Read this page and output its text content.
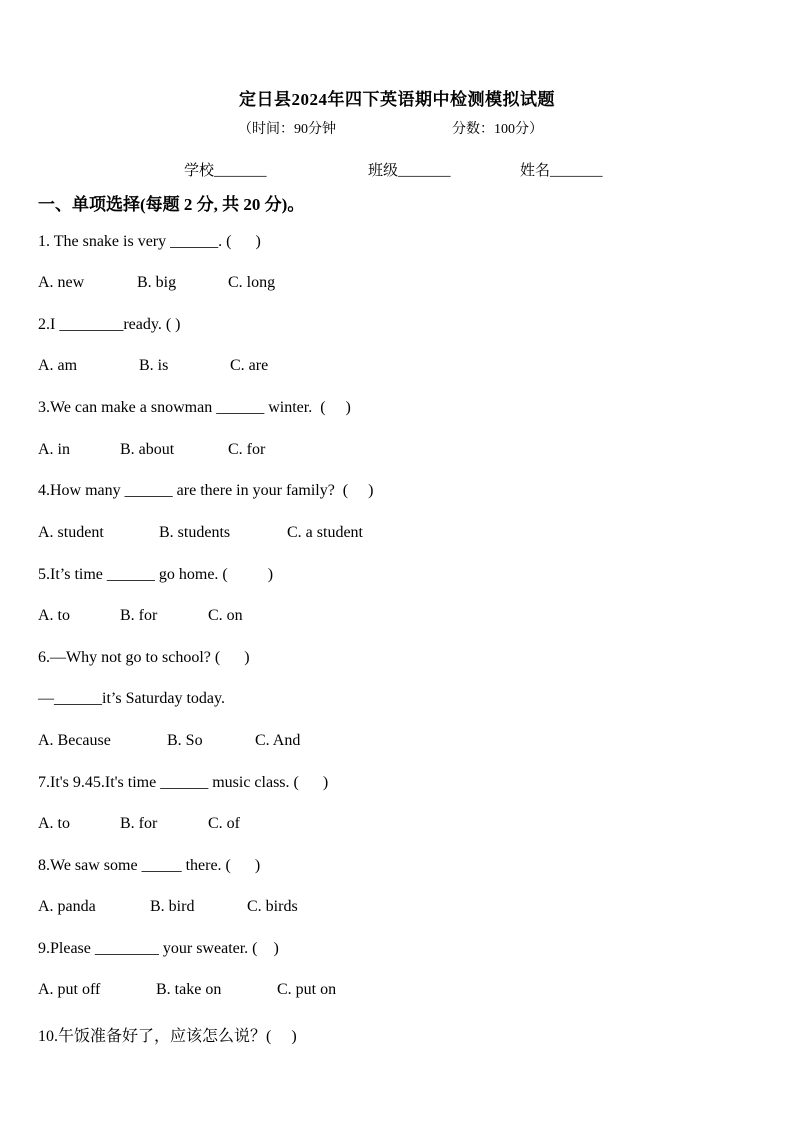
定日县2024年四下英语期中检测模拟试题
（时间：90分钟	分数：100分）
学校_______	班级_______	姓名_______
一、单项选择(每题 2 分, 共 20 分)。
1. The snake is very ______. (      )
A. new	B. big	C. long
2.I ________ready. ( )
A. am	B. is	C. are
3.We can make a snowman ______ winter.  (     )
A. in	B. about	C. for
4.How many ______ are there in your family?  (     )
A. student	B. students	C. a student
5.It’s time ______ go home. (          )
A. to	B. for	C. on
6.—Why not go to school? (      )
—______it’s Saturday today.
A. Because	B. So	C. And
7.It's 9.45.It's time ______ music class. (      )
A. to	B. for	C. of
8.We saw some _____ there. (      )
A. panda	B. bird	C. birds
9.Please ________ your sweater. (    )
A. put off	B. take on	C. put on
10.午饭准备好了，应该怎么说？(     )
